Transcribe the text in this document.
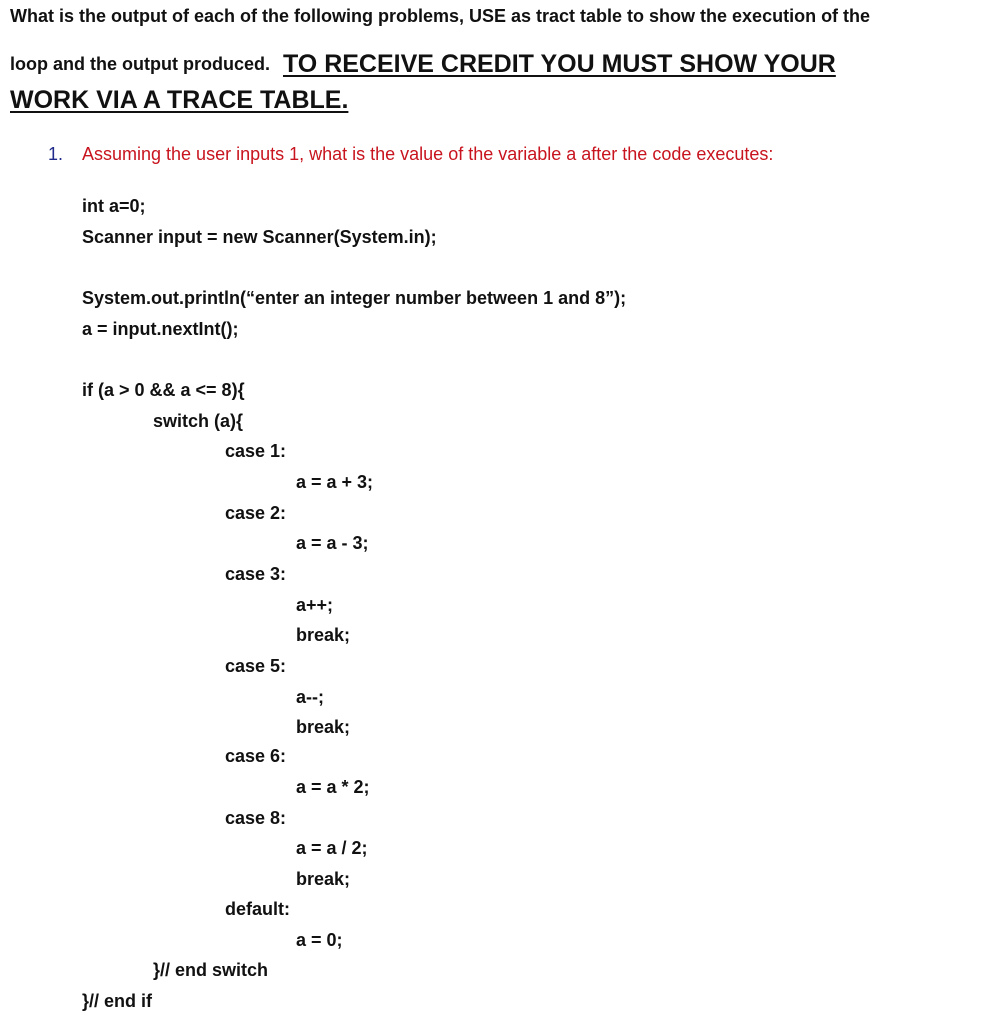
What is the output of each of the following problems, USE as tract table to show the execution of the
loop and the output produced. TO RECEIVE CREDIT YOU MUST SHOW YOUR
WORK VIA A TRACE TABLE.
1. Assuming the user inputs 1, what is the value of the variable a after the code executes:
int a=0;
Scanner input = new Scanner(System.in);
System.out.println(“enter an integer number between 1 and 8”);
a = input.nextInt();
if (a > 0 && a <= 8){
switch (a){
case 1:
a = a + 3;
case 2:
a = a - 3;
case 3:
a++;
break;
case 5:
a--;
break;
case 6:
a = a * 2;
case 8:
a = a / 2;
break;
default:
a = 0;
}// end switch
}// end if
